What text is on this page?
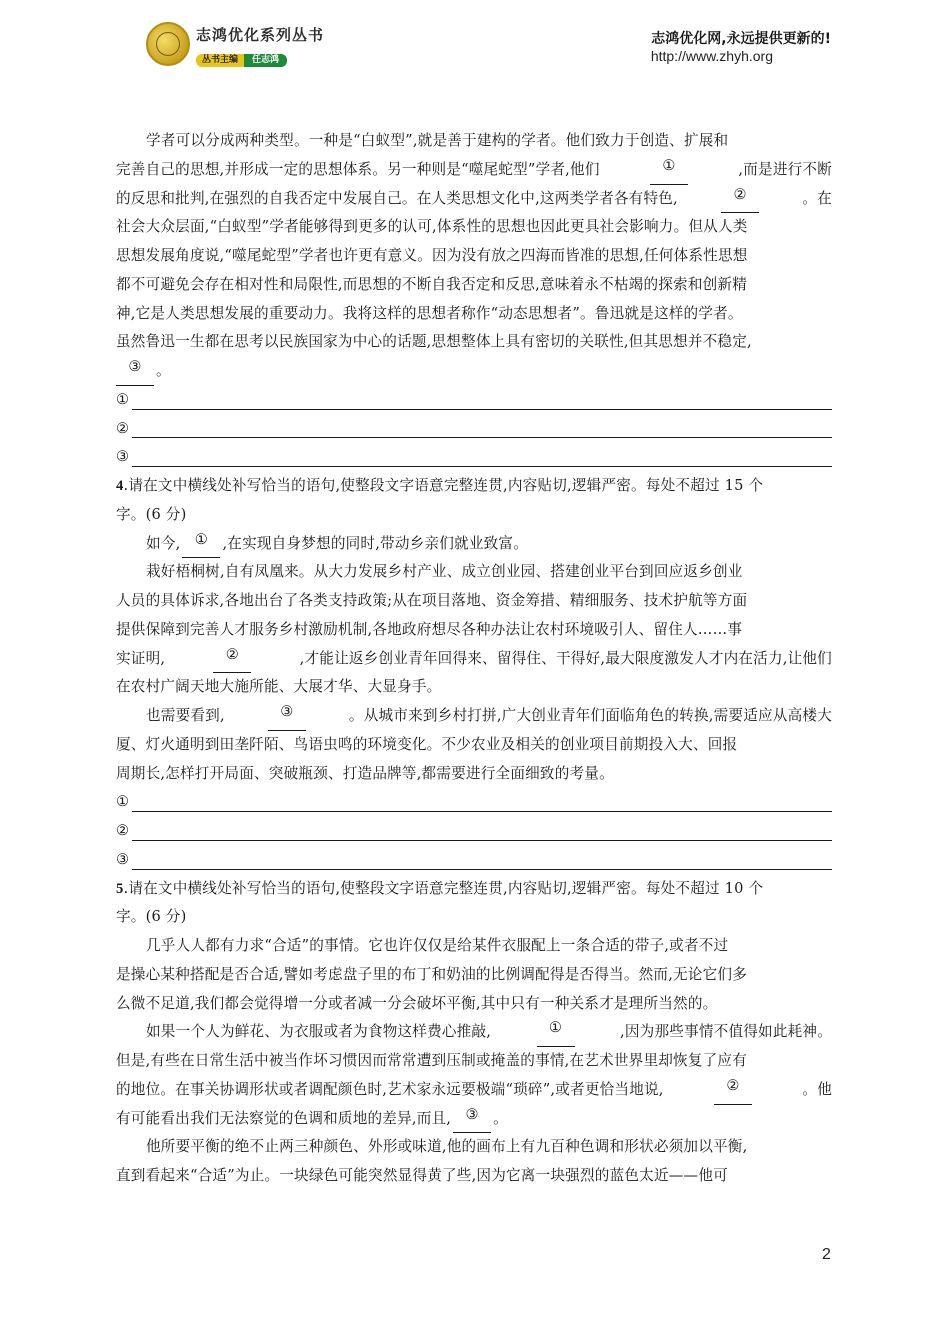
志鸿优化系列丛书
丛书主编 任志鸿
志鸿优化网,永远提供更新的!
http://www.zhyh.org
学者可以分成两种类型。一种是“白蚁型”,就是善于建构的学者。他们致力于创造、扩展和
完善自己的思想,并形成一定的思想体系。另一种则是“噬尾蛇型”学者,他们	①	,而是进行不断
的反思和批判,在强烈的自我否定中发展自己。在人类思想文化中,这两类学者各有特色,	②	。在
社会大众层面,“白蚁型”学者能够得到更多的认可,体系性的思想也因此更具社会影响力。但从人类
思想发展角度说,“噬尾蛇型”学者也许更有意义。因为没有放之四海而皆准的思想,任何体系性思想
都不可避免会存在相对性和局限性,而思想的不断自我否定和反思,意味着永不枯竭的探索和创新精
神,它是人类思想发展的重要动力。我将这样的思想者称作“动态思想者”。鲁迅就是这样的学者。
虽然鲁迅一生都在思考以民族国家为中心的话题,思想整体上具有密切的关联性,但其思想并不稳定,
③ 。
①
②
③
4.请在文中横线处补写恰当的语句,使整段文字语意完整连贯,内容贴切,逻辑严密。每处不超过 15 个
字。(6 分)
如今, ① ,在实现自身梦想的同时,带动乡亲们就业致富。
栽好梧桐树,自有凤凰来。从大力发展乡村产业、成立创业园、搭建创业平台到回应返乡创业
人员的具体诉求,各地出台了各类支持政策;从在项目落地、资金筹措、精细服务、技术护航等方面
提供保障到完善人才服务乡村激励机制,各地政府想尽各种办法让农村环境吸引人、留住人……事
实证明,	②	,才能让返乡创业青年回得来、留得住、干得好,最大限度激发人才内在活力,让他们
在农村广阔天地大施所能、大展才华、大显身手。
也需要看到,	③	。从城市来到乡村打拼,广大创业青年们面临角色的转换,需要适应从高楼大
厦、灯火通明到田垄阡陌、鸟语虫鸣的环境变化。不少农业及相关的创业项目前期投入大、回报
周期长,怎样打开局面、突破瓶颈、打造品牌等,都需要进行全面细致的考量。
①
②
③
5.请在文中横线处补写恰当的语句,使整段文字语意完整连贯,内容贴切,逻辑严密。每处不超过 10 个
字。(6 分)
几乎人人都有力求“合适”的事情。它也许仅仅是给某件衣服配上一条合适的带子,或者不过
是操心某种搭配是否合适,譬如考虑盘子里的布丁和奶油的比例调配得是否得当。然而,无论它们多
么微不足道,我们都会觉得增一分或者减一分会破坏平衡,其中只有一种关系才是理所当然的。
如果一个人为鲜花、为衣服或者为食物这样费心推敲,	①	,因为那些事情不值得如此耗神。
但是,有些在日常生活中被当作坏习惯因而常常遭到压制或掩盖的事情,在艺术世界里却恢复了应有
的地位。在事关协调形状或者调配颜色时,艺术家永远要极端“琐碎”,或者更恰当地说,	②	。他
有可能看出我们无法察觉的色调和质地的差异,而且, ③ 。
他所要平衡的绝不止两三种颜色、外形或味道,他的画布上有九百种色调和形状必须加以平衡,
直到看起来“合适”为止。一块绿色可能突然显得黄了些,因为它离一块强烈的蓝色太近——他可
2
